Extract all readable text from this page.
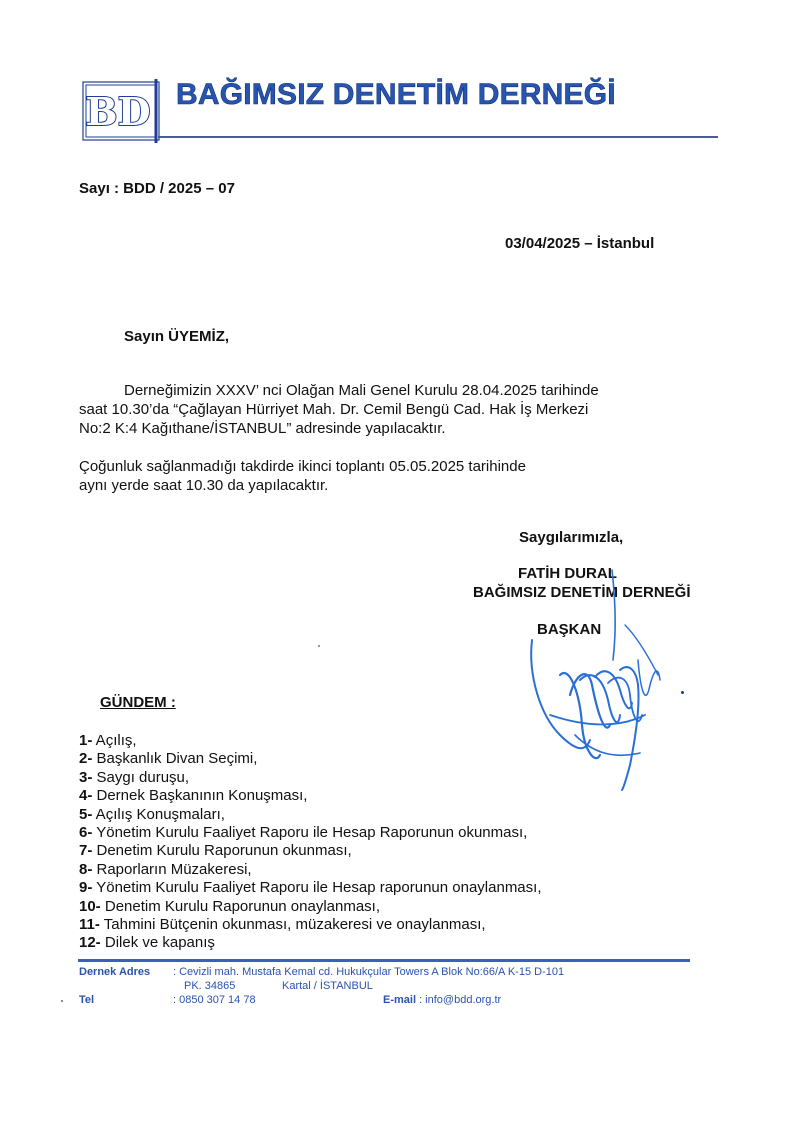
BD BAĞIMSIZ DENETİM DERNEĞİ
Sayı : BDD / 2025 – 07
03/04/2025 – İstanbul
Sayın ÜYEMİZ,
Derneğimizin XXXV’ nci Olağan Mali Genel Kurulu 28.04.2025 tarihinde
saat 10.30’da “Çağlayan Hürriyet Mah. Dr. Cemil Bengü Cad. Hak İş Merkezi
No:2 K:4 Kağıthane/İSTANBUL” adresinde yapılacaktır.
Çoğunluk sağlanmadığı takdirde ikinci toplantı 05.05.2025 tarihinde
aynı yerde saat 10.30 da yapılacaktır.
Saygılarımızla,
FATİH DURAL
BAĞIMSIZ DENETİM DERNEĞİ
BAŞKAN
GÜNDEM :
1- Açılış,
2- Başkanlık Divan Seçimi,
3- Saygı duruşu,
4- Dernek Başkanının Konuşması,
5- Açılış Konuşmaları,
6- Yönetim Kurulu Faaliyet Raporu ile Hesap Raporunun okunması,
7- Denetim Kurulu Raporunun okunması,
8- Raporların Müzakeresi,
9- Yönetim Kurulu Faaliyet Raporu ile Hesap raporunun onaylanması,
10- Denetim Kurulu Raporunun onaylanması,
11- Tahmini Bütçenin okunması, müzakeresi ve onaylanması,
12- Dilek ve kapanış
Dernek Adres : Cevizli mah. Mustafa Kemal cd. Hukukçular Towers A Blok No:66/A K-15 D-101
PK. 34865	Kartal / İSTANBUL
Tel	: 0850 307 14 78	E-mail : info@bdd.org.tr
